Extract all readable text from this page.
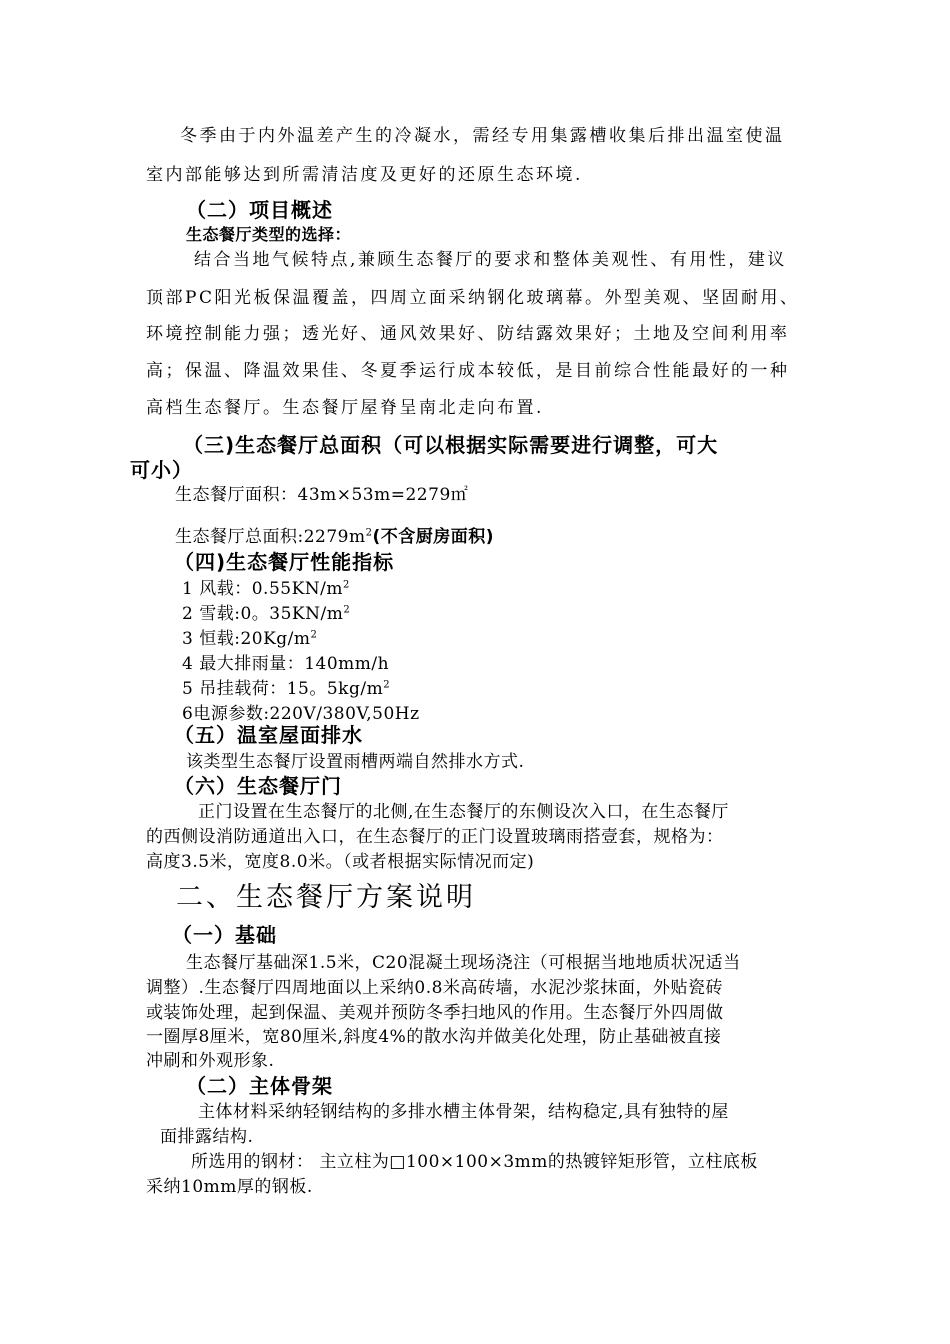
冬季由于内外温差产生的冷凝水，需经专用集露槽收集后排出温室使温
室内部能够达到所需清洁度及更好的还原生态环境.
（二）项目概述
生态餐厅类型的选择：
结合当地气候特点,兼顾生态餐厅的要求和整体美观性、有用性，建议
顶部PC阳光板保温覆盖，四周立面采纳钢化玻璃幕。外型美观、坚固耐用、
环境控制能力强；透光好、通风效果好、防结露效果好；土地及空间利用率
高；保温、降温效果佳、冬夏季运行成本较低，是目前综合性能最好的一种
高档生态餐厅。生态餐厅屋脊呈南北走向布置.
（三)生态餐厅总面积（可以根据实际需要进行调整，可大
可小）
生态餐厅面积：43m×53m=2279㎡
生态餐厅总面积$:2279m^2$(不含厨房面积)
（四)生态餐厅性能指标
1 风载：$0.55KN/m^2$
2 雪载:0。$35KN/m^2$
3 恒载$:20Kg/m^2$
4 最大排雨量：140mm/h
5 吊挂载荷：15。$5kg/m^2$
6电源参数:220V/380V,50Hz
（五）温室屋面排水
该类型生态餐厅设置雨槽两端自然排水方式.
（六）生态餐厅门
正门设置在生态餐厅的北侧,在生态餐厅的东侧设次入口，在生态餐厅
的西侧设消防通道出入口，在生态餐厅的正门设置玻璃雨搭壹套，规格为：
高度3.5米，宽度8.0米。（或者根据实际情况而定)
二、生态餐厅方案说明
（一）基础
生态餐厅基础深1.5米，C20混凝土现场浇注（可根据当地地质状况适当
调整）.生态餐厅四周地面以上采纳0.8米高砖墙，水泥沙浆抹面，外贴瓷砖
或装饰处理，起到保温、美观并预防冬季扫地风的作用。生态餐厅外四周做
一圈厚8厘米，宽80厘米,斜度4%的散水沟并做美化处理，防止基础被直接
冲刷和外观形象.
（二）主体骨架
主体材料采纳轻钢结构的多排水槽主体骨架，结构稳定,具有独特的屋
面排露结构.
所选用的钢材： 主立柱为□100×100×3mm的热镀锌矩形管，立柱底板
采纳10mm厚的钢板.
